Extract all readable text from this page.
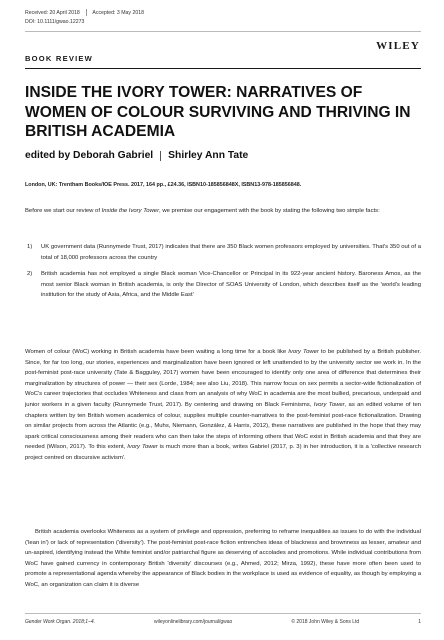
Received: 20 April 2018 Accepted: 3 May 2018
DOI: 10.1111/gwao.12273
WILEY
BOOK REVIEW
INSIDE THE IVORY TOWER: NARRATIVES OF WOMEN OF COLOUR SURVIVING AND THRIVING IN BRITISH ACADEMIA
edited by Deborah Gabriel Shirley Ann Tate
London, UK: Trentham Books/IOE Press. 2017, 164 pp., £24.36, ISBN10-185856848X, ISBN13-978-185856848.

Before we start our review of Inside the Ivory Tower, we premise our engagement with the book by stating the following two simple facts:

1)	UK government data (Runnymede Trust, 2017) indicates that there are 350 Black women professors employed by universities. That's 350 out of a total of 18,000 professors across the country
2)	British academia has not employed a single Black woman Vice-Chancellor or Principal in its 922-year ancient history. Baroness Amos, as the most senior Black woman in British academia, is only the Director of SOAS University of London, which describes itself as the 'world's leading institution for the study of Asia, Africa, and the Middle East'

Women of colour (WoC) working in British academia have been waiting a long time for a book like Ivory Tower to be published by a British publisher. Since, for far too long, our stories, experiences and marginalization have been ignored or left unattended to by the university sector we work in. In the post-feminist post-race university (Tate & Bagguley, 2017) women have been encouraged to identify only one area of difference that determines their marginalization by structures of power — their sex (Lorde, 1984; see also Liu, 2018). This narrow focus on sex permits a sector-wide fictionalization of WoC's career trajectories that occludes Whiteness and class from an analysis of why WoC in academia are the most bullied, precarious, underpaid and junior workers in a given faculty (Runnymede Trust, 2017). By centering and drawing on Black Feminisms, Ivory Tower, as an edited volume of ten chapters written by ten British women academics of colour, supplies multiple counter-narratives to the post-feminist post-race fictionalization. Drawing on similar projects from across the Atlantic (e.g., Muhs, Niemann, González, & Harris, 2012), these narratives are published in the hope that they may spark critical consciousness among their readers who can then take the steps of informing others that WoC exist in British academia and that they are needed (Wilson, 2017). To this extent, Ivory Tower is much more than a book, writes Gabriel (2017, p. 3) in her introduction, it is a 'collective research project centred on discursive activism'.

British academia overlooks Whiteness as a system of privilege and oppression, preferring to reframe inequalities as issues to do with the individual ('lean in') or lack of representation ('diversity'). The post-feminist post-race fiction entrenches ideas of blackness and brownness as lesser, amateur and un-aspired, identifying instead the White feminist and/or patriarchal figure as deserving of accolades and promotions. While individual contributions from WoC have gained currency in contemporary British 'diversity' discourses (e.g., Ahmed, 2012; Mirza, 1992), these have more often been used to promote a representational agenda whereby the appearance of Black bodies in the workplace is used as evidence of equality, as though by employing a WoC, an organization can claim it is diverse

Gender Work Organ. 2018;1–4.	wileyonlinelibrary.com/journal/gwao	© 2018 John Wiley & Sons Ltd	1
